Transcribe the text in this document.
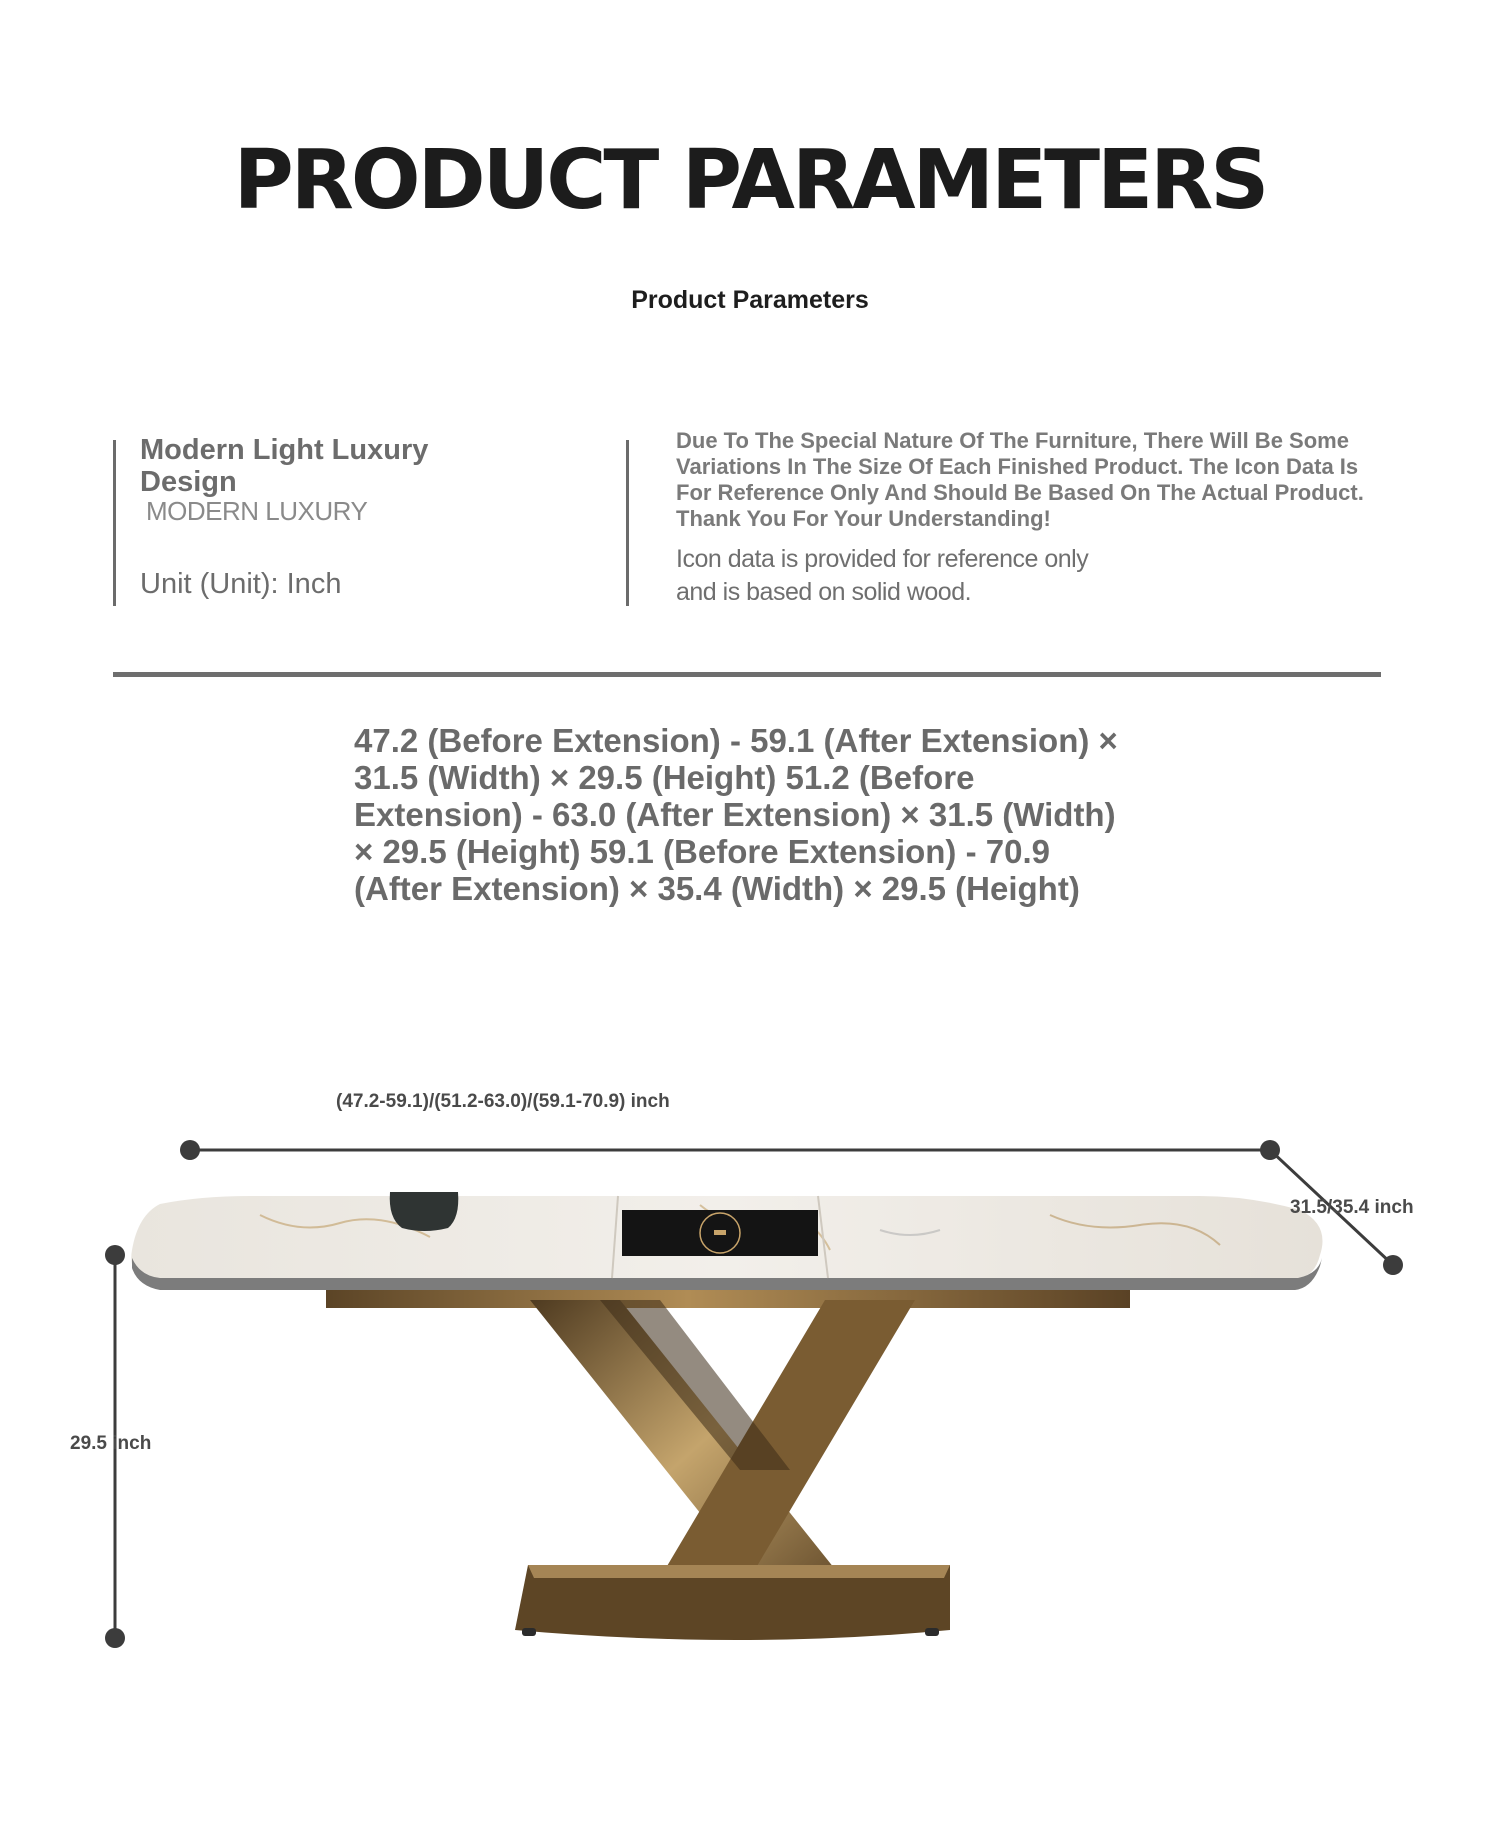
PRODUCT PARAMETERS
Product Parameters
Modern Light Luxury Design
MODERN LUXURY
Unit (Unit): Inch
Due To The Special Nature Of The Furniture, There Will Be Some Variations In The Size Of Each Finished Product. The Icon Data Is For Reference Only And Should Be Based On The Actual Product. Thank You For Your Understanding!
Icon data is provided for reference only and is based on solid wood.
47.2 (Before Extension) - 59.1 (After Extension) × 31.5 (Width) × 29.5 (Height) 51.2 (Before Extension) - 63.0 (After Extension) × 31.5 (Width) × 29.5 (Height) 59.1 (Before Extension) - 70.9 (After Extension) × 35.4 (Width) × 29.5 (Height)
(47.2-59.1)/(51.2-63.0)/(59.1-70.9) inch
31.5/35.4 inch
29.5 inch
